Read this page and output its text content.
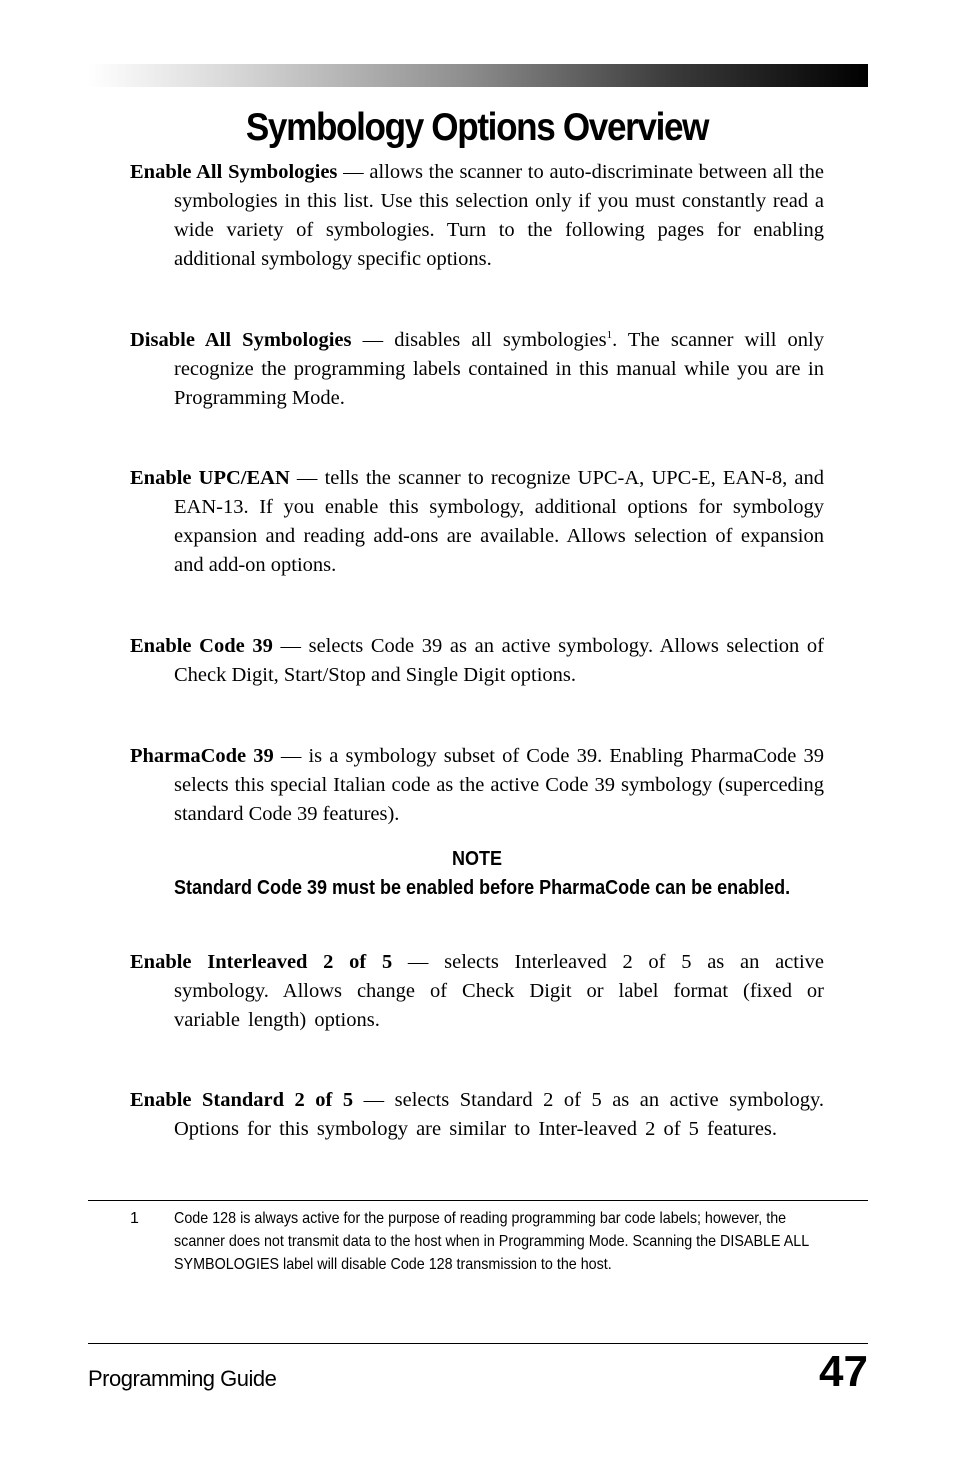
Symbology Options Overview

Enable All Symbologies — allows the scanner to auto-discriminate between all the symbologies in this list. Use this selection only if you must constantly read a wide variety of symbologies. Turn to the following pages for enabling additional symbology specific options.

Disable All Symbologies — disables all symbologies$^1$. The scanner will only recognize the programming labels contained in this manual while you are in Programming Mode.

Enable UPC/EAN — tells the scanner to recognize UPC-A, UPC-E, EAN-8, and EAN-13. If you enable this symbology, additional options for symbology expansion and reading add-ons are available. Allows selection of expansion and add-on options.

Enable Code 39 — selects Code 39 as an active symbology. Allows selection of Check Digit, Start/Stop and Single Digit options.

PharmaCode 39 — is a symbology subset of Code 39. Enabling PharmaCode 39 selects this special Italian code as the active Code 39 symbology (superceding standard Code 39 features).

NOTE
Standard Code 39 must be enabled before PharmaCode can be enabled.

Enable Interleaved 2 of 5 — selects Interleaved 2 of 5 as an active symbology. Allows change of Check Digit or label format (fixed or variable length) options.

Enable Standard 2 of 5 — selects Standard 2 of 5 as an active symbology. Options for this symbology are similar to Inter-leaved 2 of 5 features.

1 Code 128 is always active for the purpose of reading programming bar code labels; however, the scanner does not transmit data to the host when in Programming Mode. Scanning the DISABLE ALL SYMBOLOGIES label will disable Code 128 transmission to the host.
Programming Guide	47
